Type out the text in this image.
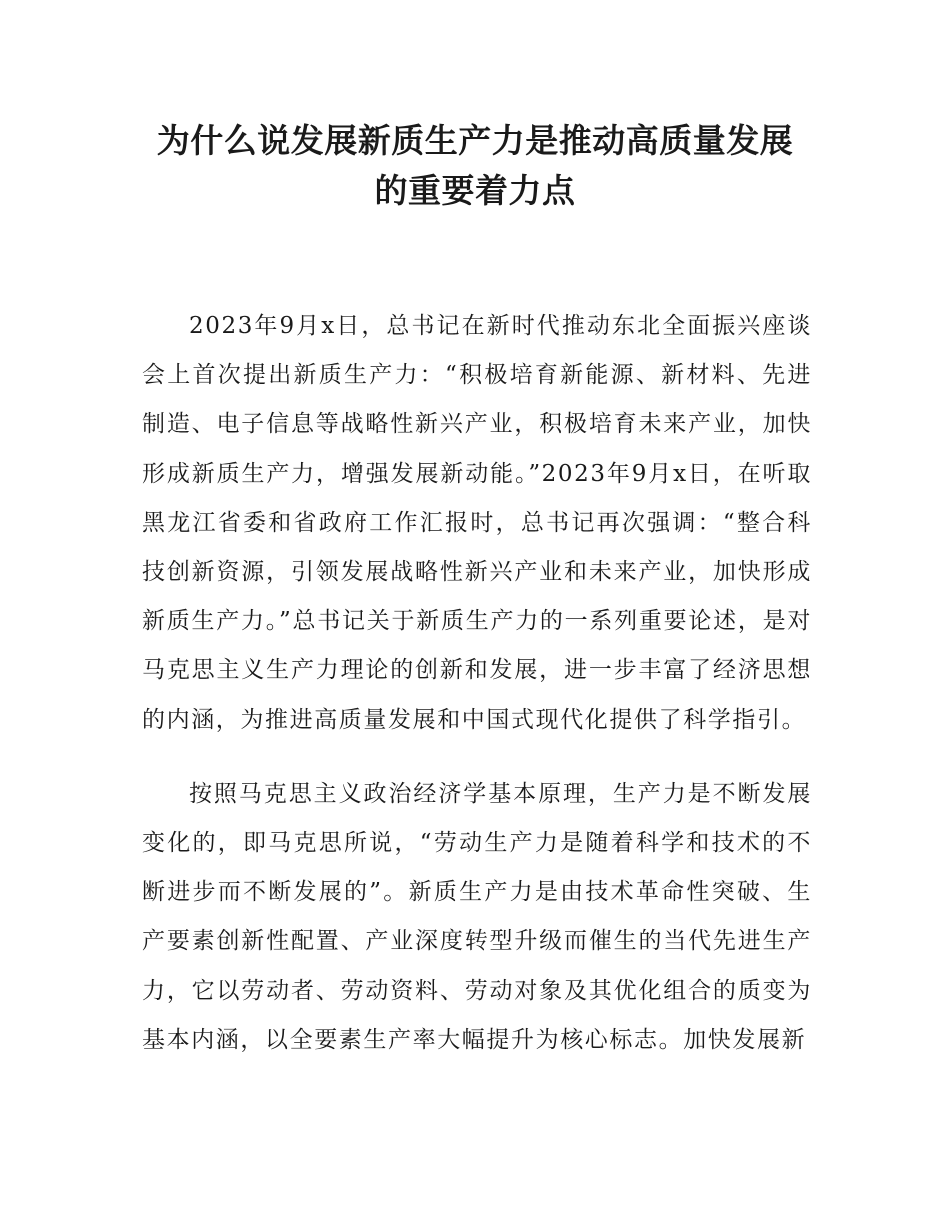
为什么说发展新质生产力是推动高质量发展
的重要着力点

2023年9月x日，总书记在新时代推动东北全面振兴座谈会上首次提出新质生产力：“积极培育新能源、新材料、先进制造、电子信息等战略性新兴产业，积极培育未来产业，加快形成新质生产力，增强发展新动能。”2023年9月x日，在听取黑龙江省委和省政府工作汇报时，总书记再次强调：“整合科技创新资源，引领发展战略性新兴产业和未来产业，加快形成新质生产力。”总书记关于新质生产力的一系列重要论述，是对马克思主义生产力理论的创新和发展，进一步丰富了经济思想的内涵，为推进高质量发展和中国式现代化提供了科学指引。

按照马克思主义政治经济学基本原理，生产力是不断发展变化的，即马克思所说，“劳动生产力是随着科学和技术的不断进步而不断发展的”。新质生产力是由技术革命性突破、生产要素创新性配置、产业深度转型升级而催生的当代先进生产力，它以劳动者、劳动资料、劳动对象及其优化组合的质变为基本内涵，以全要素生产率大幅提升为核心标志。加快发展新
